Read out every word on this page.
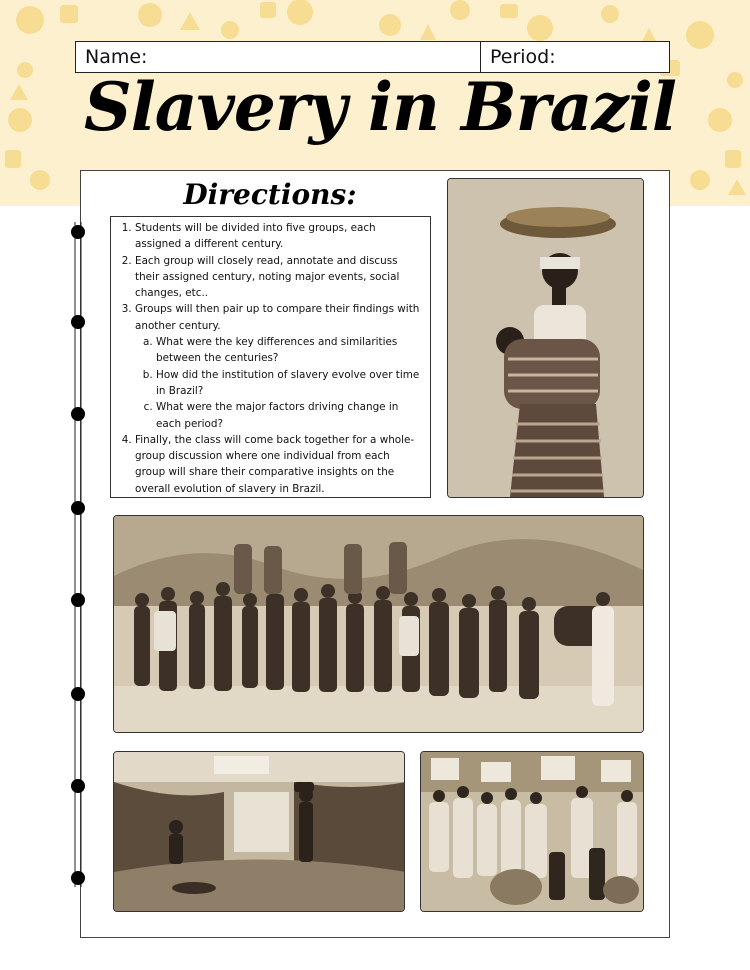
Name:	Period:
Slavery in Brazil
Directions:
1. Students will be divided into five groups, each assigned a different century.
2. Each group will closely read, annotate and discuss their assigned century, noting major events, social changes, etc..
3. Groups will then pair up to compare their findings with another century.
a. What were the key differences and similarities between the centuries?
b. How did the institution of slavery evolve over time in Brazil?
c. What were the major factors driving change in each period?
4. Finally, the class will come back together for a whole-group discussion where one individual from each group will share their comparative insights on the overall evolution of slavery in Brazil.
